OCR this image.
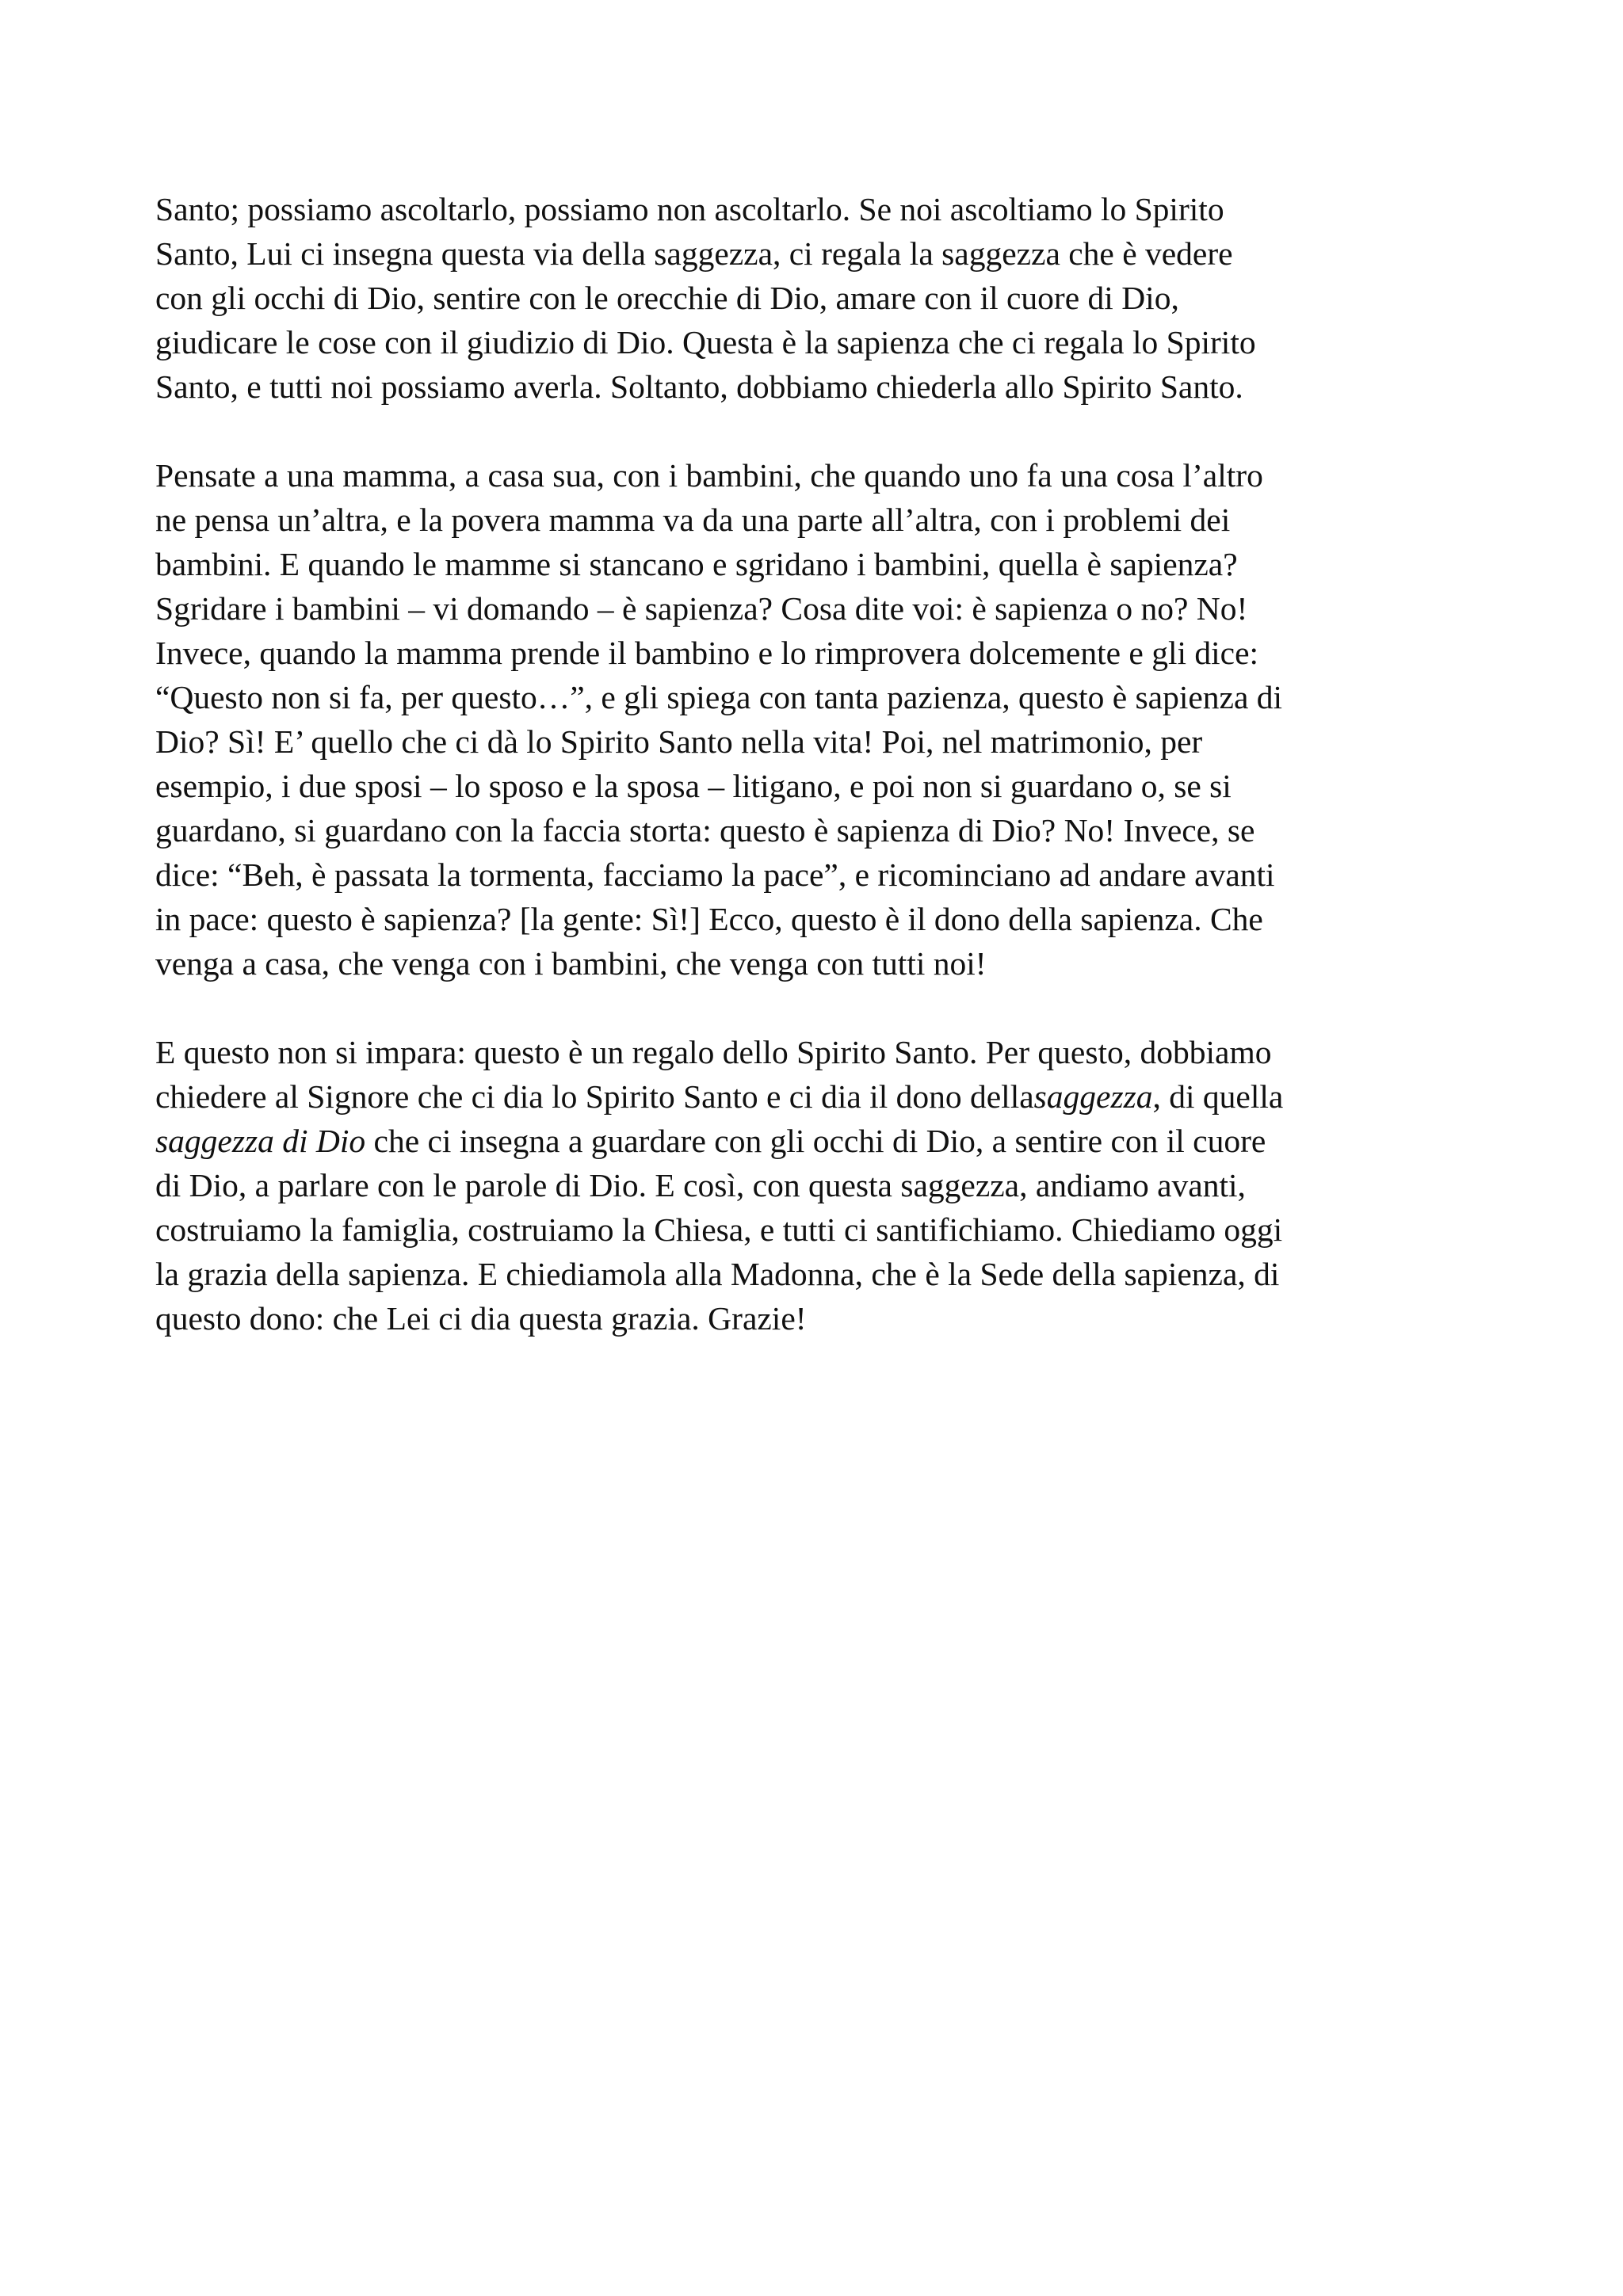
Santo; possiamo ascoltarlo, possiamo non ascoltarlo. Se noi ascoltiamo lo Spirito
Santo, Lui ci insegna questa via della saggezza, ci regala la saggezza che è vedere
con gli occhi di Dio, sentire con le orecchie di Dio, amare con il cuore di Dio,
giudicare le cose con il giudizio di Dio. Questa è la sapienza che ci regala lo Spirito
Santo, e tutti noi possiamo averla. Soltanto, dobbiamo chiederla allo Spirito Santo.

Pensate a una mamma, a casa sua, con i bambini, che quando uno fa una cosa l’altro
ne pensa un’altra, e la povera mamma va da una parte all’altra, con i problemi dei
bambini. E quando le mamme si stancano e sgridano i bambini, quella è sapienza?
Sgridare i bambini – vi domando – è sapienza? Cosa dite voi: è sapienza o no? No!
Invece, quando la mamma prende il bambino e lo rimprovera dolcemente e gli dice:
“Questo non si fa, per questo…”, e gli spiega con tanta pazienza, questo è sapienza di
Dio? Sì! E’ quello che ci dà lo Spirito Santo nella vita! Poi, nel matrimonio, per
esempio, i due sposi – lo sposo e la sposa – litigano, e poi non si guardano o, se si
guardano, si guardano con la faccia storta: questo è sapienza di Dio? No! Invece, se
dice: “Beh, è passata la tormenta, facciamo la pace”, e ricominciano ad andare avanti
in pace: questo è sapienza? [la gente: Sì!] Ecco, questo è il dono della sapienza. Che
venga a casa, che venga con i bambini, che venga con tutti noi!

E questo non si impara: questo è un regalo dello Spirito Santo. Per questo, dobbiamo
chiedere al Signore che ci dia lo Spirito Santo e ci dia il dono dellasaggezza, di quella
saggezza di Dio che ci insegna a guardare con gli occhi di Dio, a sentire con il cuore
di Dio, a parlare con le parole di Dio. E così, con questa saggezza, andiamo avanti,
costruiamo la famiglia, costruiamo la Chiesa, e tutti ci santifichiamo. Chiediamo oggi
la grazia della sapienza. E chiediamola alla Madonna, che è la Sede della sapienza, di
questo dono: che Lei ci dia questa grazia. Grazie!
